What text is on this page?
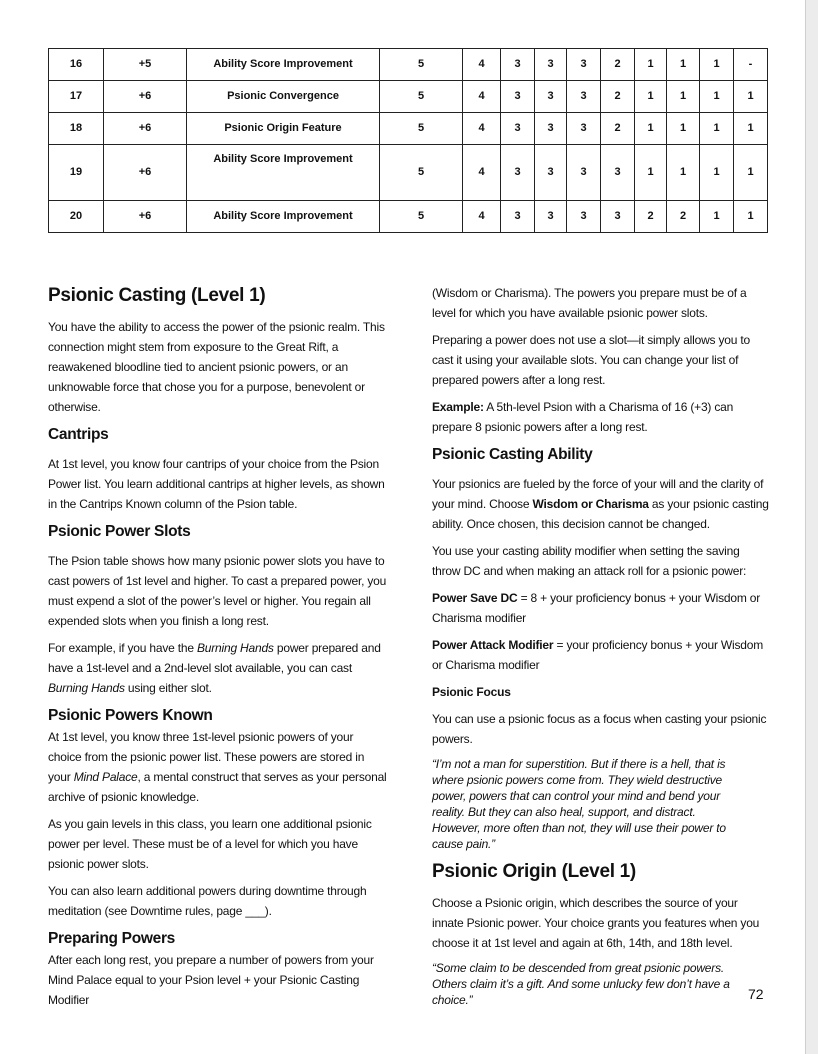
16	+5	Ability Score Improvement	5	4	3	3	3	2	1	1	1	-
17	+6	Psionic Convergence	5	4	3	3	3	2	1	1	1	1
18	+6	Psionic Origin Feature	5	4	3	3	3	2	1	1	1	1
19	+6	Ability Score Improvement	5	4	3	3	3	3	1	1	1	1
20	+6	Ability Score Improvement	5	4	3	3	3	3	2	2	1	1
Psionic Casting (Level 1)

You have the ability to access the power of the psionic realm. This connection might stem from exposure to the Great Rift, a reawakened bloodline tied to ancient psionic powers, or an unknowable force that chose you for a purpose, benevolent or otherwise.

Cantrips

At 1st level, you know four cantrips of your choice from the Psion Power list. You learn additional cantrips at higher levels, as shown in the Cantrips Known column of the Psion table.

Psionic Power Slots

The Psion table shows how many psionic power slots you have to cast powers of 1st level and higher. To cast a prepared power, you must expend a slot of the power’s level or higher. You regain all expended slots when you finish a long rest.

For example, if you have the Burning Hands power prepared and have a 1st-level and a 2nd-level slot available, you can cast Burning Hands using either slot.

Psionic Powers Known

At 1st level, you know three 1st-level psionic powers of your choice from the psionic power list. These powers are stored in your Mind Palace, a mental construct that serves as your personal archive of psionic knowledge.

As you gain levels in this class, you learn one additional psionic power per level. These must be of a level for which you have psionic power slots.

You can also learn additional powers during downtime through meditation (see Downtime rules, page ___).

Preparing Powers

After each long rest, you prepare a number of powers from your Mind Palace equal to your Psion level + your Psionic Casting Modifier

(Wisdom or Charisma). The powers you prepare must be of a level for which you have available psionic power slots.

Preparing a power does not use a slot—it simply allows you to cast it using your available slots. You can change your list of prepared powers after a long rest.

Example: A 5th-level Psion with a Charisma of 16 (+3) can prepare 8 psionic powers after a long rest.

Psionic Casting Ability

Your psionics are fueled by the force of your will and the clarity of your mind. Choose Wisdom or Charisma as your psionic casting ability. Once chosen, this decision cannot be changed.

You use your casting ability modifier when setting the saving throw DC and when making an attack roll for a psionic power:

Power Save DC = 8 + your proficiency bonus + your Wisdom or Charisma modifier

Power Attack Modifier = your proficiency bonus + your Wisdom or Charisma modifier

Psionic Focus

You can use a psionic focus as a focus when casting your psionic powers.

“I’m not a man for superstition. But if there is a hell, that is where psionic powers come from. They wield destructive power, powers that can control your mind and bend your reality. But they can also heal, support, and distract. However, more often than not, they will use their power to cause pain.”

Psionic Origin (Level 1)

Choose a Psionic origin, which describes the source of your innate Psionic power. Your choice grants you features when you choose it at 1st level and again at 6th, 14th, and 18th level.

“Some claim to be descended from great psionic powers. Others claim it’s a gift. And some unlucky few don’t have a choice.”	72
